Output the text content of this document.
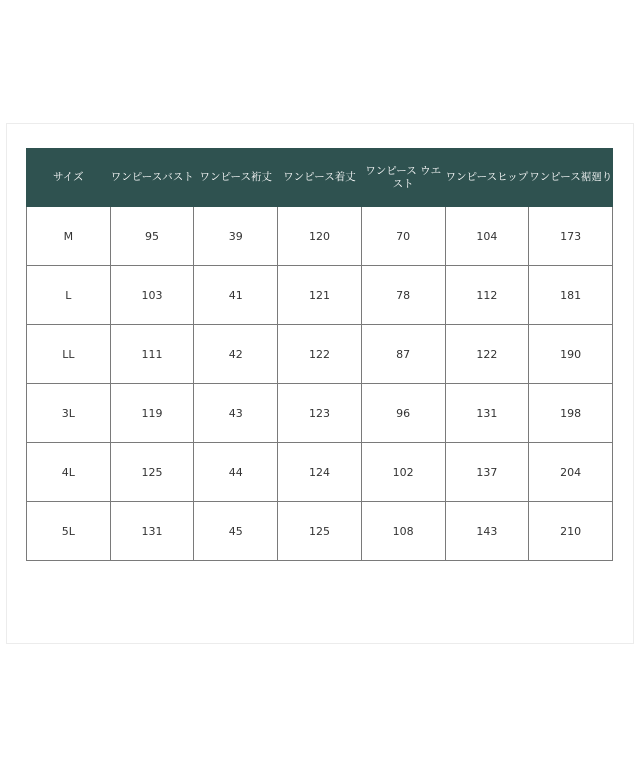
サイズ	ワンピースバスト	ワンピース裄丈	ワンピース着丈	ワンピース ウエスト	ワンピースヒップ	ワンピース裾廻り
M	95	39	120	70	104	173
L	103	41	121	78	112	181
LL	111	42	122	87	122	190
3L	119	43	123	96	131	198
4L	125	44	124	102	137	204
5L	131	45	125	108	143	210
